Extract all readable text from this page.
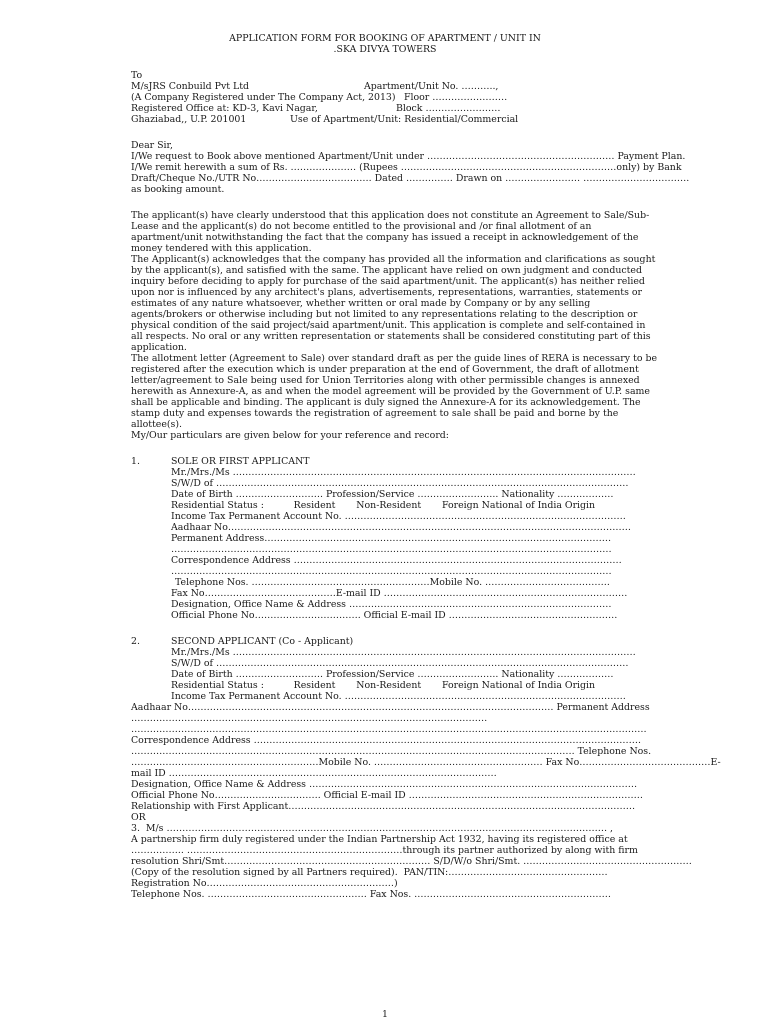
APPLICATION FORM FOR BOOKING OF APARTMENT / UNIT IN
.SKA DIVYA TOWERS
To
M/sJRS Conbuild Pvt Ltd	Apartment/Unit No. ………..,
(A Company Registered under The Company Act, 2013) Floor ……………………
Registered Office at: KD-3, Kavi Nagar,	Block ……………………
Ghaziabad,, U.P. 201001	Use of Apartment/Unit: Residential/Commercial
Dear Sir,
I/We request to Book above mentioned Apartment/Unit under …………………………………………………… Payment Plan.
I/We remit herewith a sum of Rs. ………………… (Rupees ……………………………………………………………only) by Bank
Draft/Cheque No./UTR No………………………………. Dated …………… Drawn on …………………… …………………………….
as booking amount.
The applicant(s) have clearly understood that this application does not constitute an Agreement to Sale/Sub-
Lease and the applicant(s) do not become entitled to the provisional and /or final allotment of an
apartment/unit notwithstanding the fact that the company has issued a receipt in acknowledgement of the
money tendered with this application.
The Applicant(s) acknowledges that the company has provided all the information and clarifications as sought
by the applicant(s), and satisfied with the same. The applicant have relied on own judgment and conducted
inquiry before deciding to apply for purchase of the said apartment/unit. The applicant(s) has neither relied
upon nor is influenced by any architect's plans, advertisements, representations, warranties, statements or
estimates of any nature whatsoever, whether written or oral made by Company or by any selling
agents/brokers or otherwise including but not limited to any representations relating to the description or
physical condition of the said project/said apartment/unit. This application is complete and self-contained in
all respects. No oral or any written representation or statements shall be considered constituting part of this
application.
The allotment letter (Agreement to Sale) over standard draft as per the guide lines of RERA is necessary to be
registered after the execution which is under preparation at the end of Government, the draft of allotment
letter/agreement to Sale being used for Union Territories along with other permissible changes is annexed
herewith as Annexure-A, as and when the model agreement will be provided by the Government of U.P. same
shall be applicable and binding. The applicant is duly signed the Annexure-A for its acknowledgement. The
stamp duty and expenses towards the registration of agreement to sale shall be paid and borne by the
allottee(s).
My/Our particulars are given below for your reference and record:
1.	SOLE OR FIRST APPLICANT
Mr./Mrs./Ms …………………………………………………………………………………………………………………
S/W/D of ……………………………………………………………………………………………………………………
Date of Birth ………………………. Profession/Service …………………….. Nationality ………………
Residential Status :          Resident       Non-Resident       Foreign National of India Origin
Income Tax Permanent Account No. ………………………………………………………………………………
Aadhaar No…………………………………………………………………………………………………………………
Permanent Address…………………………………………………………………………………………………
……………………………………………………………………………………………………………………………
Correspondence Address ……………………………………………………………………………………………
……………………………………………………………………………………………………………………………
Telephone Nos. …………………………………………………Mobile No. ………………………………….
Fax No……………………………………E-mail ID ……………………………………………………………………
Designation, Office Name & Address …………………………………………………………………………
Official Phone No……………………………. Official E-mail ID ………………………………………………
2.	SECOND APPLICANT (Co - Applicant)
Mr./Mrs./Ms …………………………………………………………………………………………………………………
S/W/D of ……………………………………………………………………………………………………………………
Date of Birth ………………………. Profession/Service …………………….. Nationality ………………
Residential Status :          Resident       Non-Resident       Foreign National of India Origin
Income Tax Permanent Account No. ………………………………………………………………………………
Aadhaar No……………………………………………………………………………………………………… Permanent Address
……………………………………………………………………………………………………
…………………………………………………………………………………………………………………………………………………
Correspondence Address …………………………………………………………………………………………………………….
……………………………………………………………………………………………………………………………. Telephone Nos.
……………………………………………………Mobile No. ……………………………………………… Fax No……………………………………E-
mail ID ……………………………………………………………………………………………
Designation, Office Name & Address ……………………………………………………………………………………………
Official Phone No……………………………. Official E-mail ID …………………………………………………………………
Relationship with First Applicant…………………………………………………………………………………………………
OR
3.  M/s …………………………………………………………………………………………………………………………… ,
A partnership firm duly registered under the Indian Partnership Act 1932, having its registered office at
…………….. ……………………………………………………………through its partner authorized by along with firm
resolution Shri/Smt………………………………………………………… S/D/W/o Shri/Smt. ………………………………………………
(Copy of the resolution signed by all Partners required).  PAN/TIN:……………………………………………
Registration No……………………………………………………)
Telephone Nos. …………………………………………… Fax Nos. ………………………………………………………
1
